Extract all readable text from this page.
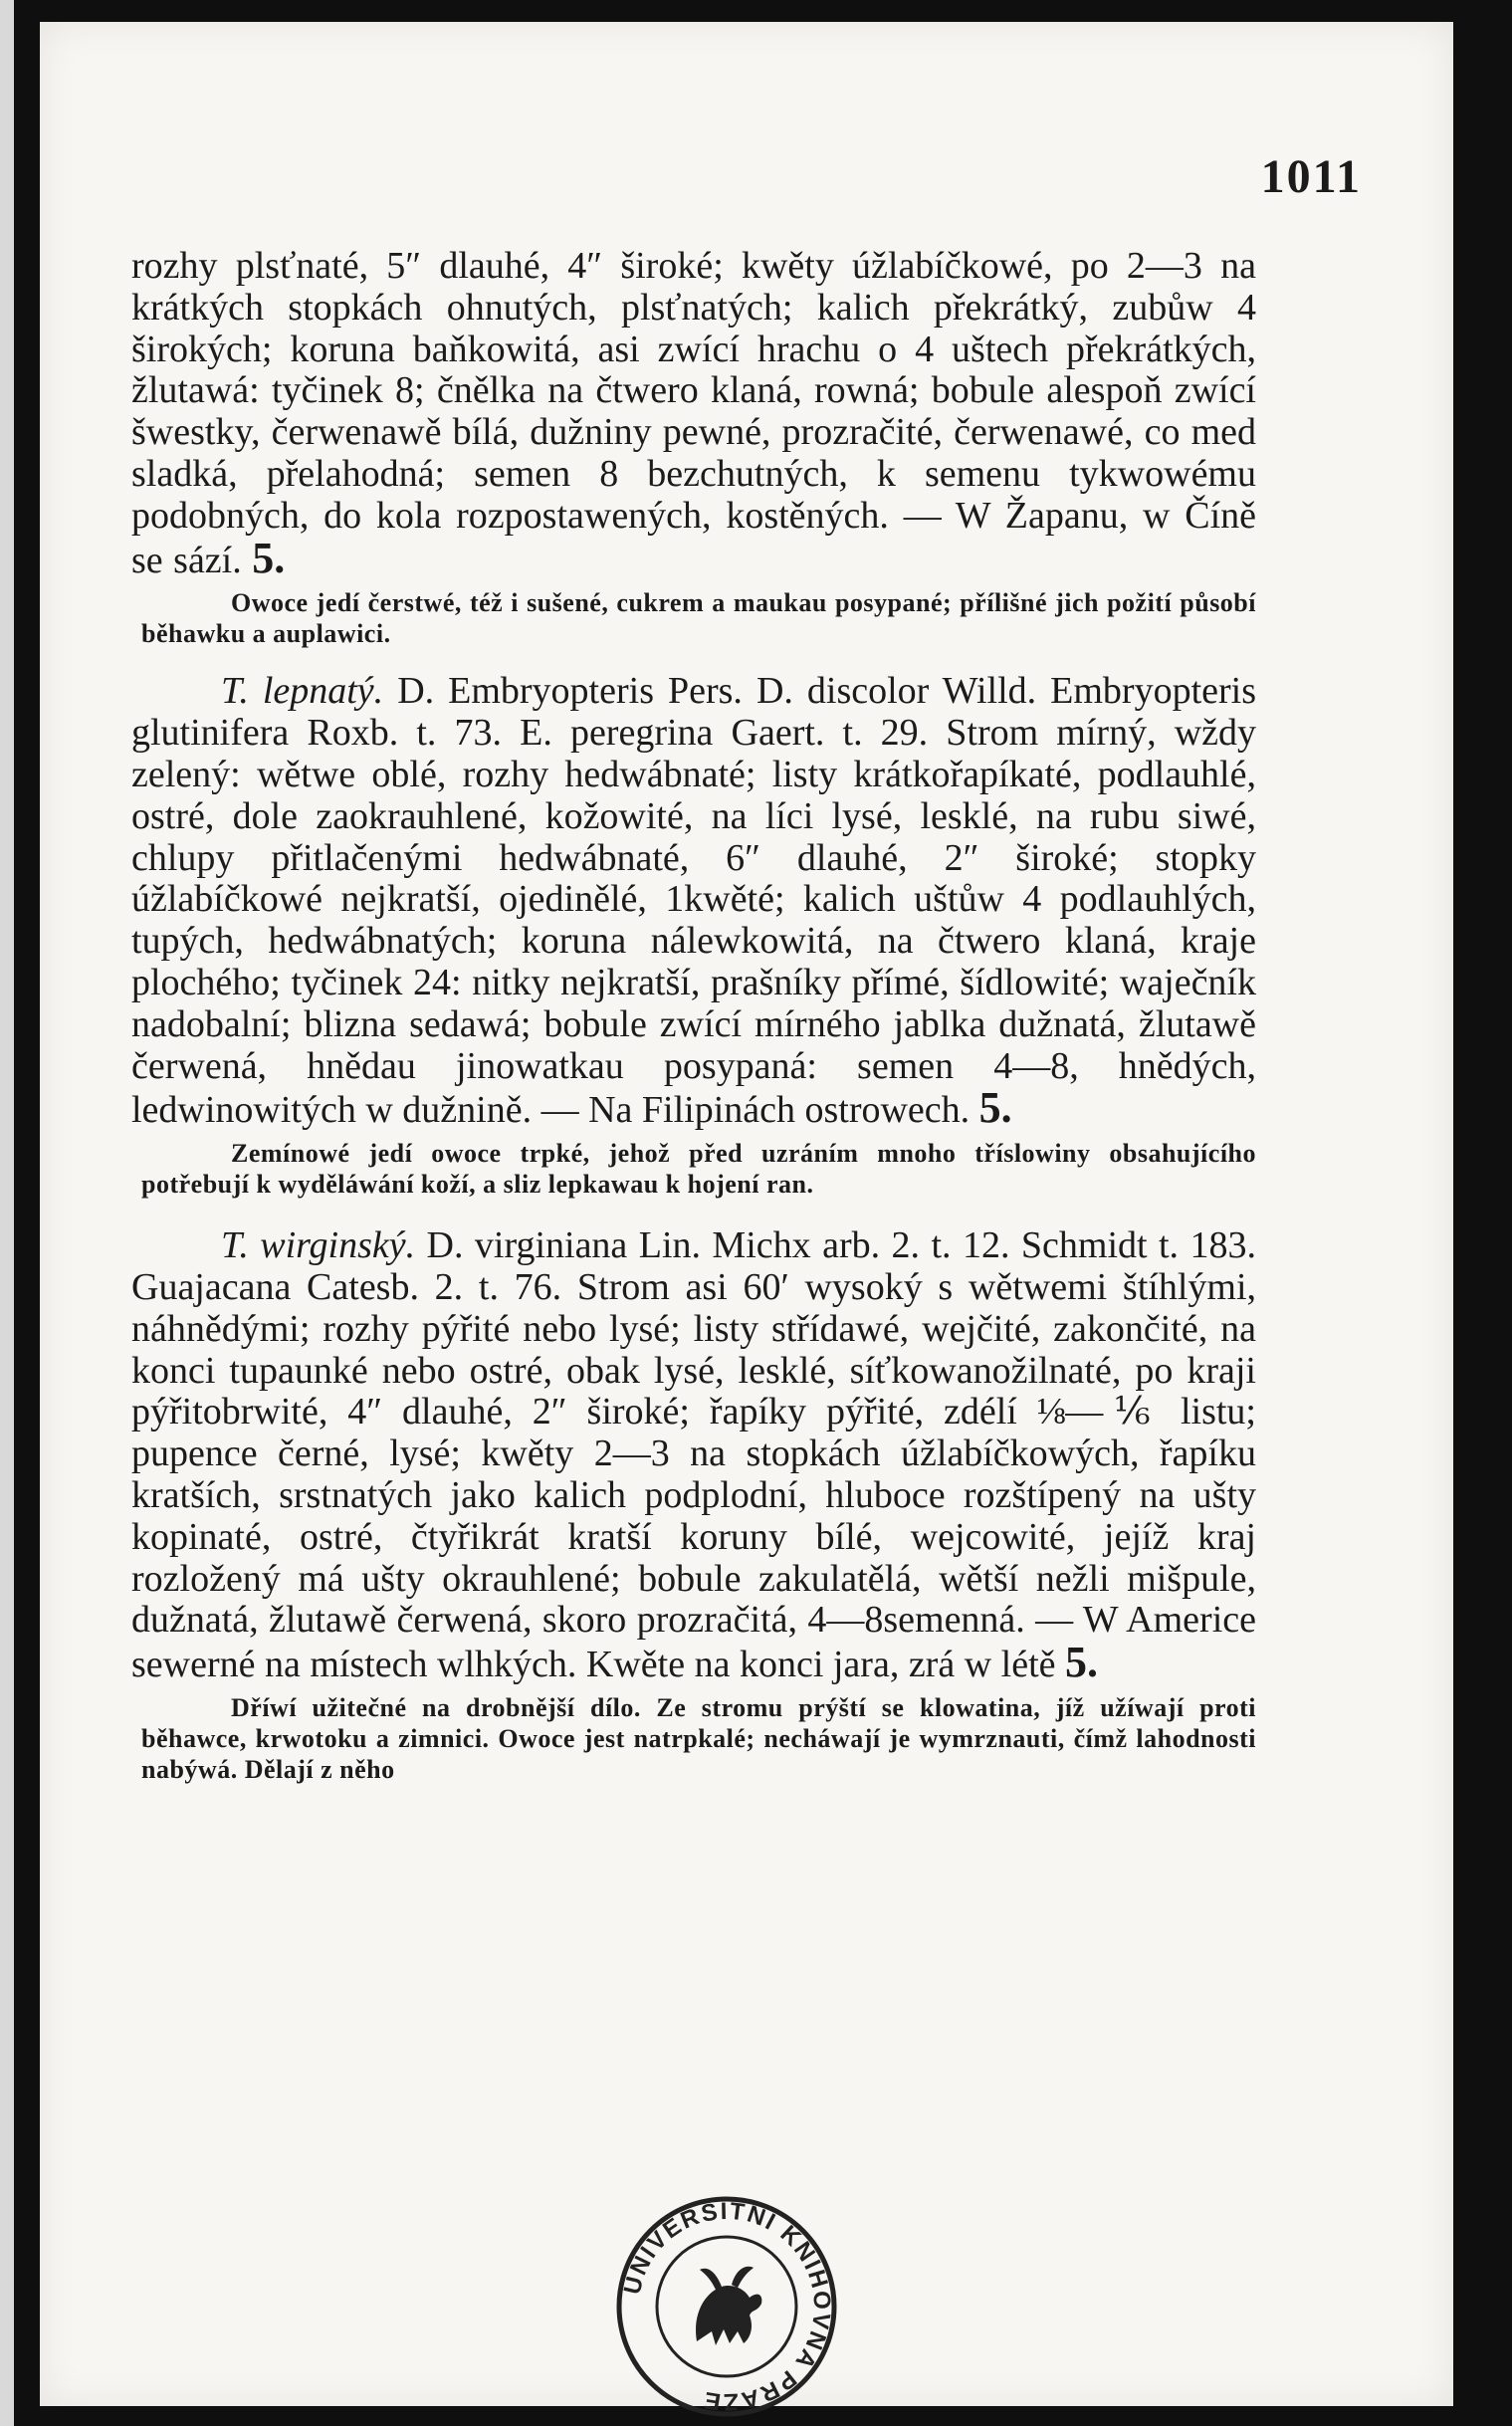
1011

rozhy plsťnaté, 5″ dlauhé, 4″ široké; kwěty úžlabíčkowé, po 2—3 na krátkých stopkách ohnutých, plsťnatých; kalich překrátký, zubůw 4 širokých; koruna baňkowitá, asi zwící hrachu o 4 uštech překrátkých, žlutawá: tyčinek 8; čnělka na čtwero klaná, rowná; bobule alespoň zwící šwestky, čerwenawě bílá, dužniny pewné, prozračité, čerwenawé, co med sladká, přelahodná; semen 8 bezchutných, k semenu tykwowému podobných, do kola rozpostawených, kostěných. — W Žapanu, w Číně se sází. 5.

Owoce jedí čerstwé, též i sušené, cukrem a maukau posypané; přílišné jich požití působí běhawku a auplawici.

T. lepnatý. D. Embryopteris Pers. D. discolor Willd. Embryopteris glutinifera Roxb. t. 73. E. peregrina Gaert. t. 29. Strom mírný, wždy zelený: wětwe oblé, rozhy hedwábnaté; listy krátkořapíkaté, podlauhlé, ostré, dole zaokrauhlené, kožowité, na líci lysé, lesklé, na rubu siwé, chlupy přitlačenými hedwábnaté, 6″ dlauhé, 2″ široké; stopky úžlabíčkowé nejkratší, ojedinělé, 1kwěté; kalich uštůw 4 podlauhlých, tupých, hedwábnatých; koruna nálewkowitá, na čtwero klaná, kraje plochého; tyčinek 24: nitky nejkratší, prašníky přímé, šídlowité; waječník nadobalní; blizna sedawá; bobule zwící mírného jablka dužnatá, žlutawě čerwená, hnědau jinowatkau posypaná: semen 4—8, hnědých, ledwinowitých w dužnině. — Na Filipinách ostrowech. 5.

Zemínowé jedí owoce trpké, jehož před uzráním mnoho tříslowiny obsahujícího potřebují k wyděláwání koží, a sliz lepkawau k hojení ran.

T. wirginský. D. virginiana Lin. Michx arb. 2. t. 12. Schmidt t. 183. Guajacana Catesb. 2. t. 76. Strom asi 60′ wysoký s wětwemi štíhlými, náhnědými; rozhy pýřité nebo lysé; listy střídawé, wejčité, zakončité, na konci tupaunké nebo ostré, obak lysé, lesklé, síťkowanožilnaté, po kraji pýřitobrwité, 4″ dlauhé, 2″ široké; řapíky pýřité, zdélí ⅛—⅙ listu; pupence černé, lysé; kwěty 2—3 na stopkách úžlabíčkowých, řapíku kratších, srstnatých jako kalich podplodní, hluboce rozštípený na ušty kopinaté, ostré, čtyřikrát kratší koruny bílé, wejcowité, jejíž kraj rozložený má ušty okrauhlené; bobule zakulatělá, wětší nežli mišpule, dužnatá, žlutawě čerwená, skoro prozračitá, 4—8semenná. — W Americe sewerné na místech wlhkých. Kwěte na konci jara, zrá w létě 5.

Dříwí užitečné na drobnější dílo. Ze stromu prýští se klowatina, jíž užíwají proti běhawce, krwotoku a zimnici. Owoce jest natrpkalé; necháwají je wymrznauti, čímž lahodnosti nabýwá. Dělají z něho

UNIVERSITNÍ KNIHOVNA PRAZE
